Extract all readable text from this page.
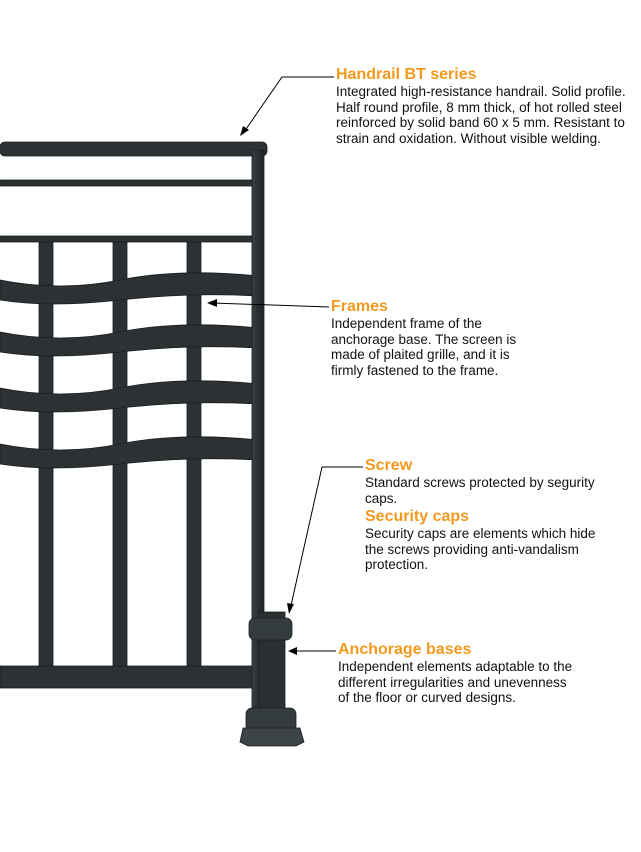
Handrail BT series

Integrated high-resistance handrail. Solid profile. Half round profile, 8 mm thick, of hot rolled steel reinforced by solid band 60 x 5 mm. Resistant to strain and oxidation. Without visible welding.

Frames

Independent frame of the anchorage base. The screen is made of plaited grille, and it is firmly fastened to the frame.

Screw

Standard screws protected by segurity caps.

Security caps

Security caps are elements which hide the screws providing anti-vandalism protection.

Anchorage bases

Independent elements adaptable to the different irregularities and unevenness of the floor or curved designs.
